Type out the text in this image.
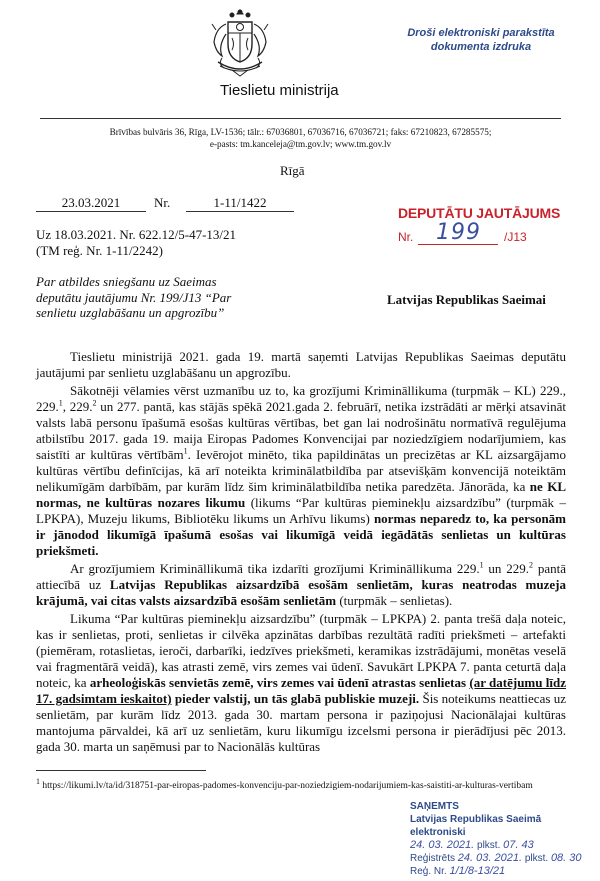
Tieslietu ministrija
Droši elektroniski parakstīta
dokumenta izdruka
Brīvības bulvāris 36, Rīga, LV-1536; tālr.: 67036801, 67036716, 67036721; faks: 67210823, 67285575;
e-pasts: tm.kanceleja@tm.gov.lv; www.tm.gov.lv
Rīgā
23.03.2021	Nr.	1-11/1422
DEPUTĀTU JAUTĀJUMS
Nr. 199 /J13
Uz 18.03.2021. Nr. 622.12/5-47-13/21
(TM reģ. Nr. 1-11/2242)
Par atbildes sniegšanu uz Saeimas deputātu jautājumu Nr. 199/J13 “Par senlietu uzglabāšanu un apgrozību”
Latvijas Republikas Saeimai

Tieslietu ministrijā 2021. gada 19. martā saņemti Latvijas Republikas Saeimas deputātu jautājumi par senlietu uzglabāšanu un apgrozību.

Sākotnēji vēlamies vērst uzmanību uz to, ka grozījumi Krimināllikuma (turpmāk – KL) 229., 229.$^1$, 229.$^2$ un 277. pantā, kas stājās spēkā 2021.gada 2. februārī, netika izstrādāti ar mērķi atsavināt valsts labā personu īpašumā esošas kultūras vērtības, bet gan lai nodrošinātu normatīvā regulējuma atbilstību 2017. gada 19. maija Eiropas Padomes Konvencijai par noziedzīgiem nodarījumiem, kas saistīti ar kultūras vērtībām$^1$. Ievērojot minēto, tika papildinātas un precizētas ar KL aizsargājamo kultūras vērtību definīcijas, kā arī noteikta kriminālatbildība par atsevišķām konvencijā noteiktām nelikumīgām darbībām, par kurām līdz šim kriminālatbildība netika paredzēta. Jānorāda, ka ne KL normas, ne kultūras nozares likumu (likums “Par kultūras pieminekļu aizsardzību” (turpmāk – LPKPA), Muzeju likums, Bibliotēku likums un Arhīvu likums) normas neparedz to, ka personām ir jānodod likumīgā īpašumā esošas vai likumīgā veidā iegādātās senlietas un kultūras priekšmeti.

Ar grozījumiem Krimināllikumā tika izdarīti grozījumi Krimināllikuma 229.$^1$ un 229.$^2$ pantā attiecībā uz Latvijas Republikas aizsardzībā esošām senlietām, kuras neatrodas muzeja krājumā, vai citas valsts aizsardzībā esošām senlietām (turpmāk – senlietas).

Likuma “Par kultūras pieminekļu aizsardzību” (turpmāk – LPKPA) 2. panta trešā daļa noteic, kas ir senlietas, proti, senlietas ir cilvēka apzinātas darbības rezultātā radīti priekšmeti – artefakti (piemēram, rotaslietas, ieroči, darbarīki, iedzīves priekšmeti, keramikas izstrādājumi, monētas veselā vai fragmentārā veidā), kas atrasti zemē, virs zemes vai ūdenī. Savukārt LPKPA 7. panta ceturtā daļa noteic, ka arheoloģiskās senvietās zemē, virs zemes vai ūdenī atrastas senlietas (ar datējumu līdz 17. gadsimtam ieskaitot) pieder valstij, un tās glabā publiskie muzeji. Šis noteikums neattiecas uz senlietām, par kurām līdz 2013. gada 30. martam persona ir paziņojusi Nacionālajai kultūras mantojuma pārvaldei, kā arī uz senlietām, kuru likumīgu izcelsmi persona ir pierādījusi pēc 2013. gada 30. marta un saņēmusi par to Nacionālās kultūras

$^1$ https://likumi.lv/ta/id/318751-par-eiropas-padomes-konvenciju-par-noziedzigiem-nodarijumiem-kas-saistiti-ar-kulturas-vertibam
SAŅEMTS
Latvijas Republikas Saeimā elektroniski
24. 03. 2021. plkst. 07. 43
Reģistrēts 24. 03. 2021. plkst. 08. 30
Reģ. Nr. 1/1/8-13/21
